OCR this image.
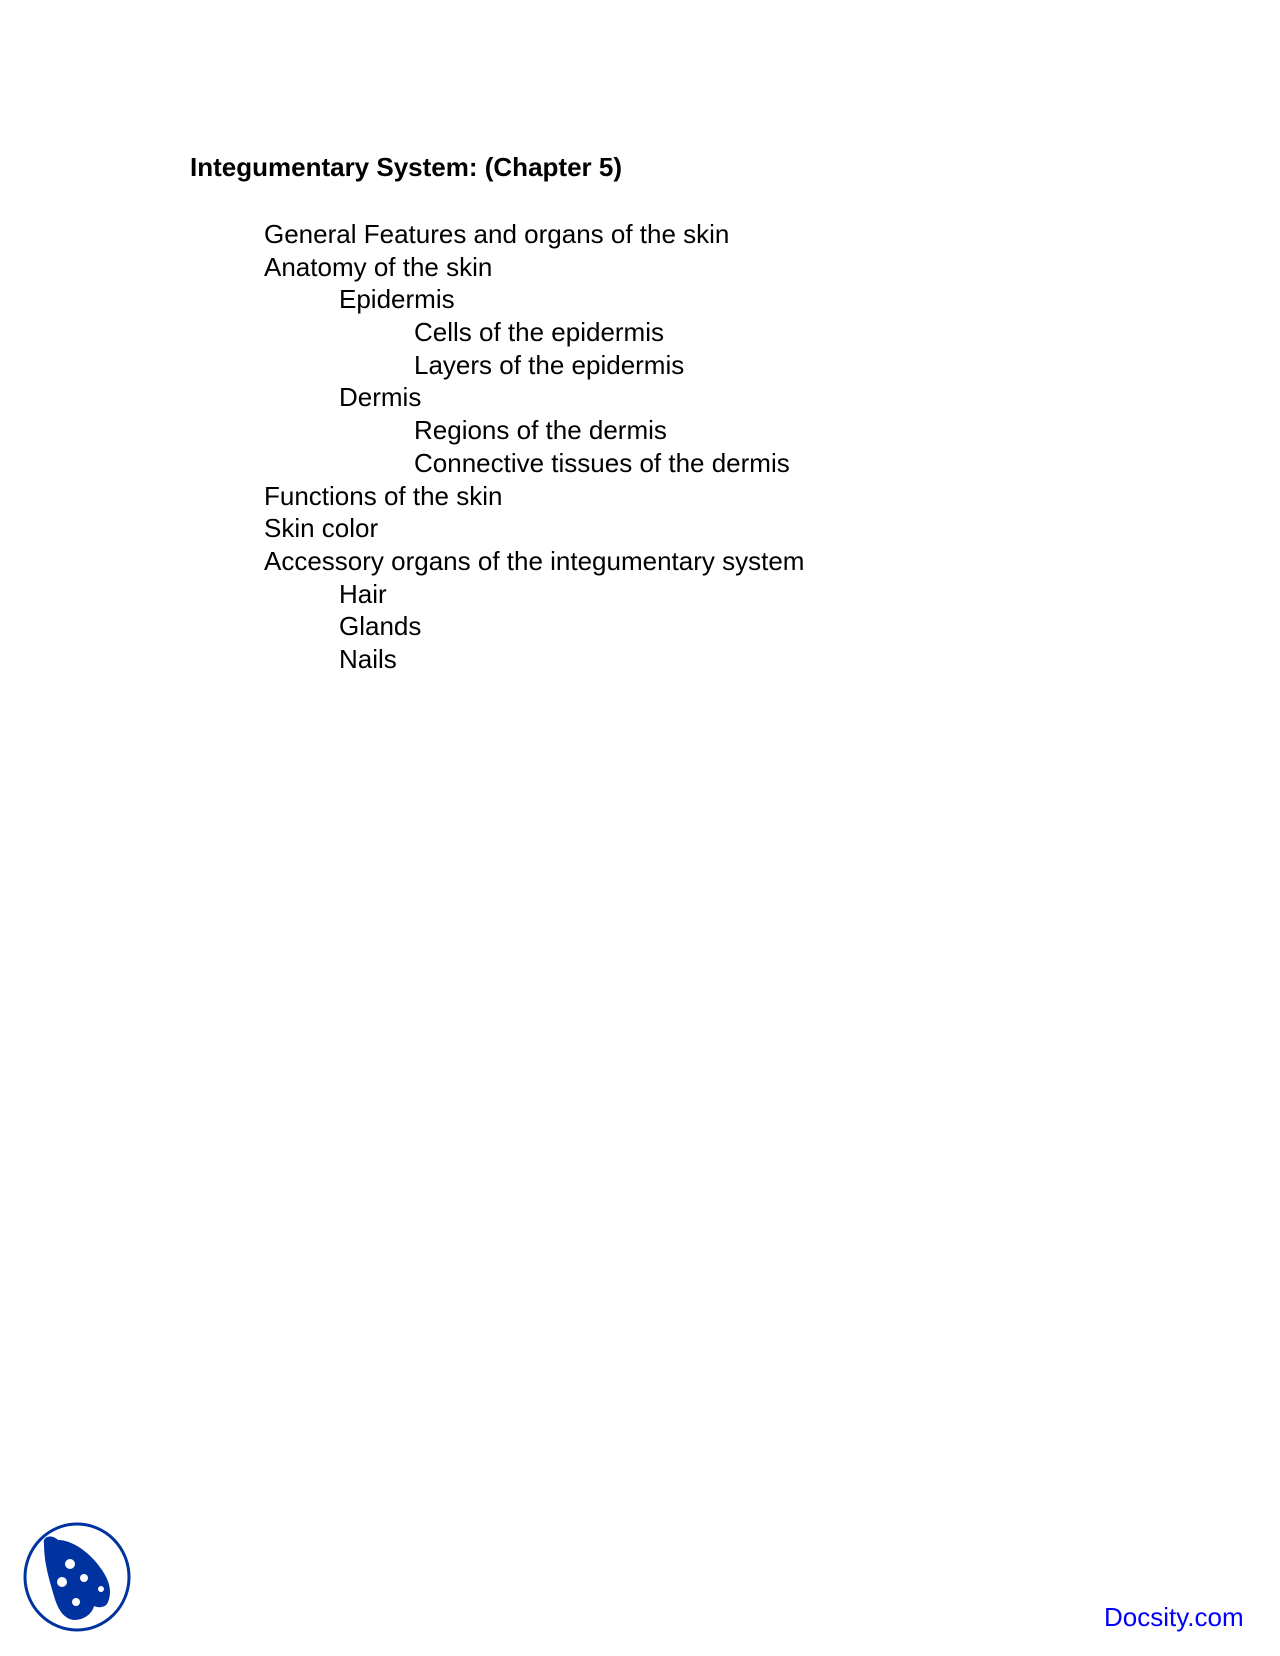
Integumentary System: (Chapter 5)
General Features and organs of the skin
Anatomy of the skin
Epidermis
Cells of the epidermis
Layers of the epidermis
Dermis
Regions of the dermis
Connective tissues of the dermis
Functions of the skin
Skin color
Accessory organs of the integumentary system
Hair
Glands
Nails
Docsity.com
